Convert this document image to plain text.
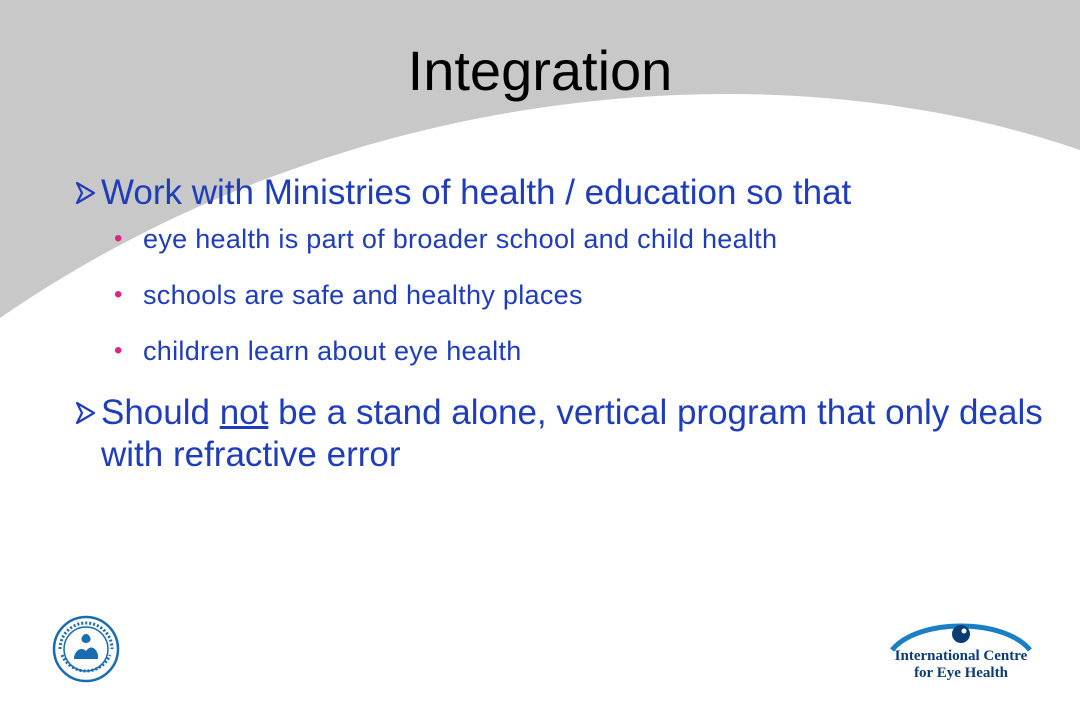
Integration
Work with Ministries of health / education so that
• eye health is part of broader school and child health
• schools are safe and healthy places
• children learn about eye health
Should not be a stand alone, vertical program that only deals with refractive error
International Centre
for Eye Health
